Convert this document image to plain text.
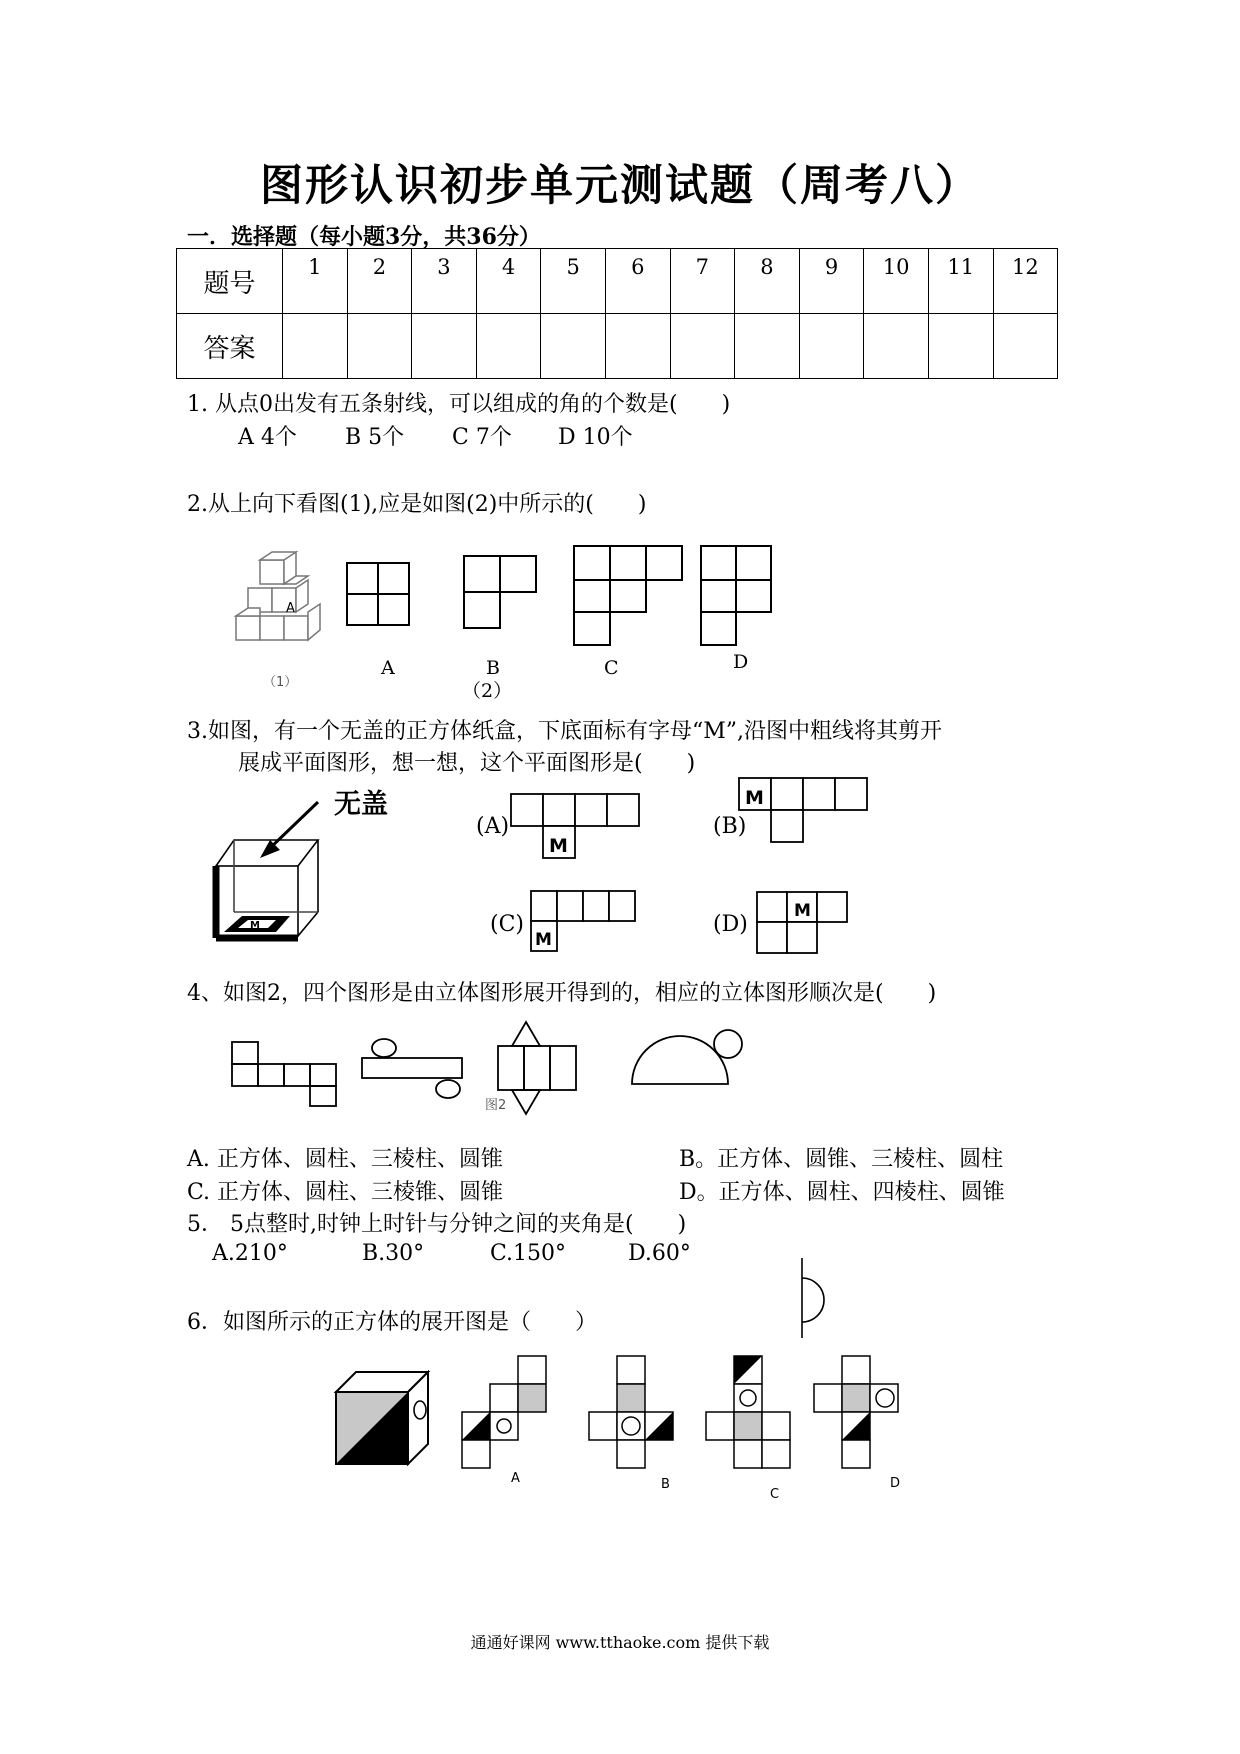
图形认识初步单元测试题（周考八）
一．选择题（每小题3分，共36分）
题号	1	2	3	4	5	6	7	8	9	10	11	12
答案												
1. 从点0出发有五条射线，可以组成的角的个数是(　　)
A 4个 B 5个 C 7个 D 10个
2.从上向下看图(1),应是如图(2)中所示的(　　)
A
（1）
A	B	C	D
（2）
3.如图，有一个无盖的正方体纸盒，下底面标有字母“M”,沿图中粗线将其剪开
展成平面图形，想一想，这个平面图形是(　　)
无盖
M
M
M
M
M
(A)	(B)
(C)	(D)
4、如图2，四个图形是由立体图形展开得到的，相应的立体图形顺次是(　　)
图2
A. 正方体、圆柱、三棱柱、圆锥	B。正方体、圆锥、三棱柱、圆柱
C. 正方体、圆柱、三棱锥、圆锥	D。正方体、圆柱、四棱柱、圆锥
5． 5点整时,时钟上时针与分钟之间的夹角是(　　)
A.210°	B.30°	C.150°	D.60°
6．如图所示的正方体的展开图是（　　）
A	B
C
D
通通好课网 www.tthaoke.com 提供下载
